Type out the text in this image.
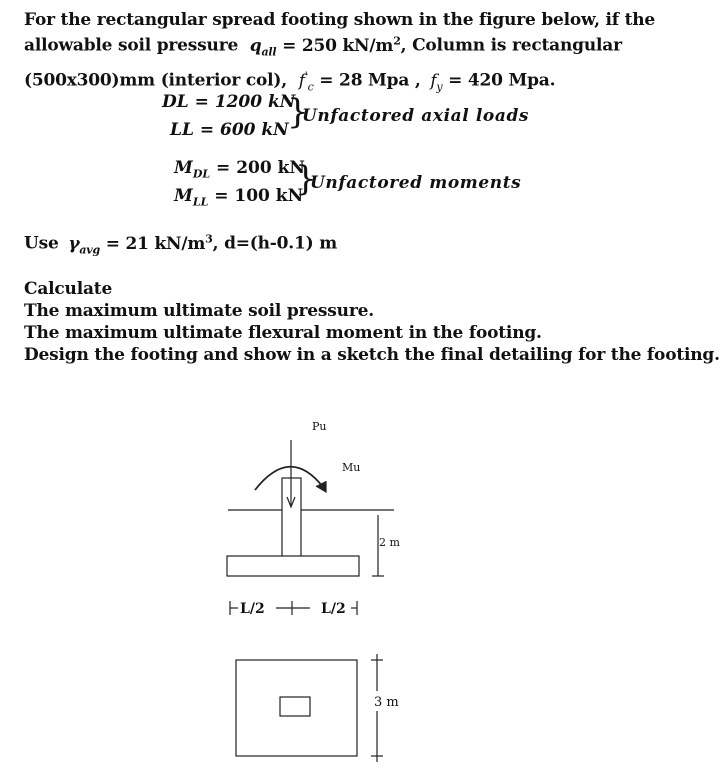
For the rectangular spread footing shown in the figure below, if the
allowable soil pressure $q_{all} = 250$ $kN/m^2$, Column is rectangular
(500x300)mm (interior col), $f'_c = 28$ Mpa , $f_y = 420$ Mpa.
DL = 1200 kN
LL = 600 kN
}
Unfactored axial loads
$M_{DL} = 200$ kN
$M_{LL} = 100$ kN
}
Unfactored moments
Use $\gamma_{avg} = 21$ $kN/m^3$, d=(h-0.1) m
Calculate
The maximum ultimate soil pressure.
The maximum ultimate flexural moment in the footing.
Design the footing and show in a sketch the final detailing for the footing.
Pu
Mu
2 m
L/2	L/2
3 m
